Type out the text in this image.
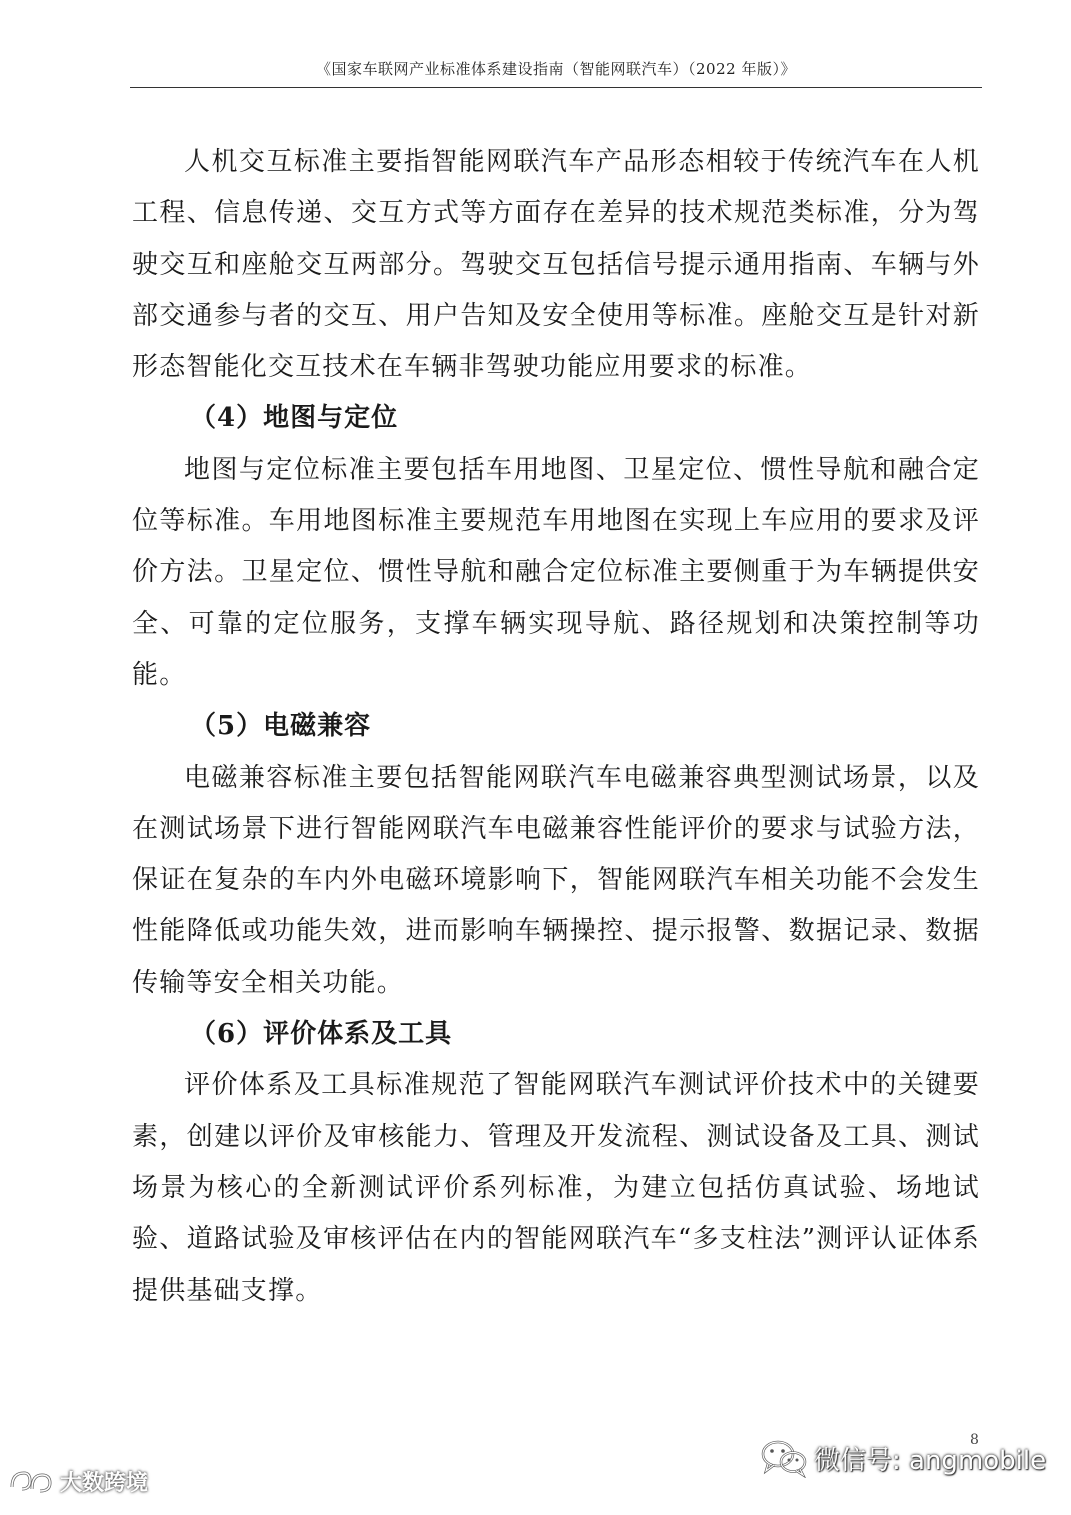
《国家车联网产业标准体系建设指南（智能网联汽车）（2022 年版）》

人机交互标准主要指智能网联汽车产品形态相较于传统汽车在人机工程、信息传递、交互方式等方面存在差异的技术规范类标准，分为驾驶交互和座舱交互两部分。驾驶交互包括信号提示通用指南、车辆与外部交通参与者的交互、用户告知及安全使用等标准。座舱交互是针对新形态智能化交互技术在车辆非驾驶功能应用要求的标准。

（4）地图与定位

地图与定位标准主要包括车用地图、卫星定位、惯性导航和融合定位等标准。车用地图标准主要规范车用地图在实现上车应用的要求及评价方法。卫星定位、惯性导航和融合定位标准主要侧重于为车辆提供安全、可靠的定位服务，支撑车辆实现导航、路径规划和决策控制等功能。

（5）电磁兼容

电磁兼容标准主要包括智能网联汽车电磁兼容典型测试场景，以及在测试场景下进行智能网联汽车电磁兼容性能评价的要求与试验方法，保证在复杂的车内外电磁环境影响下，智能网联汽车相关功能不会发生性能降低或功能失效，进而影响车辆操控、提示报警、数据记录、数据传输等安全相关功能。

（6）评价体系及工具

评价体系及工具标准规范了智能网联汽车测试评价技术中的关键要素，创建以评价及审核能力、管理及开发流程、测试设备及工具、测试场景为核心的全新测试评价系列标准，为建立包括仿真试验、场地试验、道路试验及审核评估在内的智能网联汽车“多支柱法”测评认证体系提供基础支撑。

8
微信号: angmobile
大数跨境
